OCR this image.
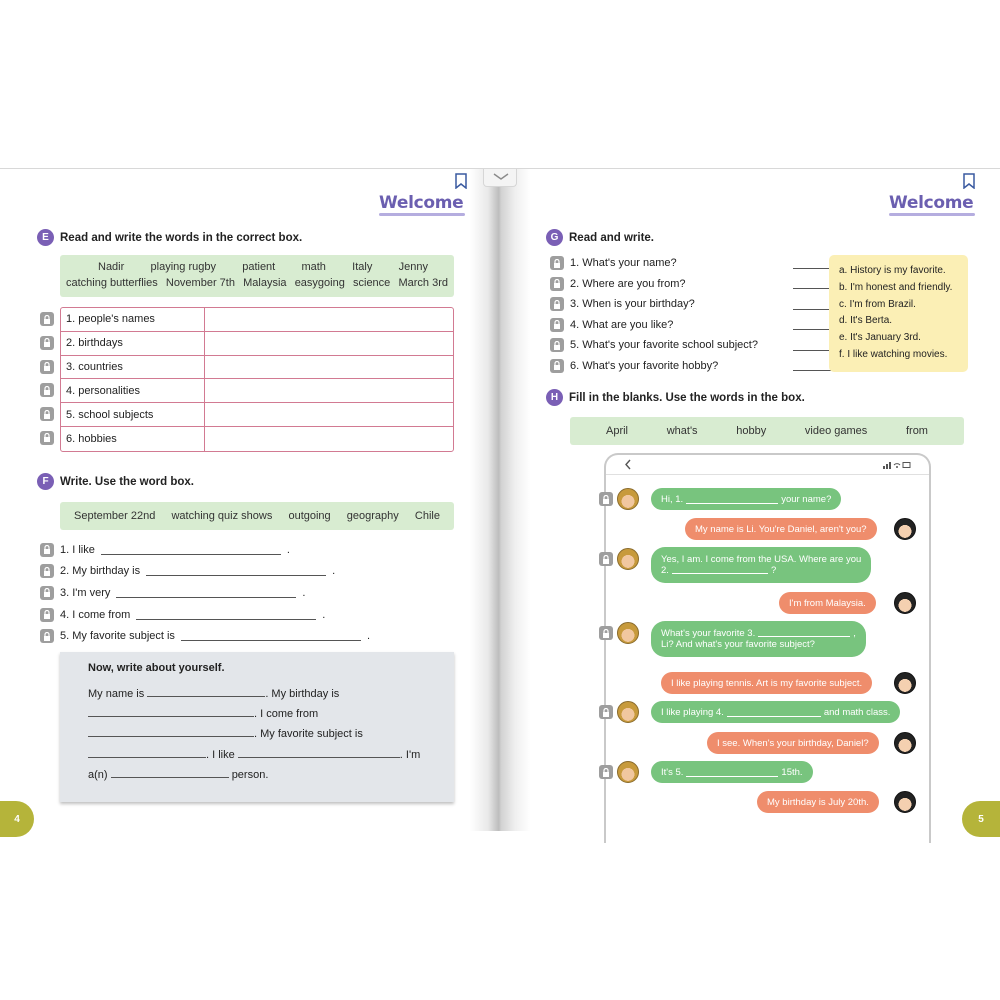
Welcome
E Read and write the words in the correct box.
Nadir playing rugby patient math Italy Jenny
catching butterflies November 7th Malaysia easygoing science March 3rd
1. people's names
2. birthdays
3. countries
4. personalities
5. school subjects
6. hobbies
F Write. Use the word box.
September 22nd watching quiz shows outgoing geography Chile
1. I like	.
2. My birthday is	.
3. I'm very	.
4. I come from	.
5. My favorite subject is	.
Now, write about yourself.
My name is	. My birthday is
. I come from
. My favorite subject is
. I like	. I'm
a(n)	person.
4
Welcome
G Read and write.
1. What's your name?
2. Where are you from?
3. When is your birthday?
4. What are you like?
5. What's your favorite school subject?
6. What's your favorite hobby?
a. History is my favorite.
b. I'm honest and friendly.
c. I'm from Brazil.
d. It's Berta.
e. It's January 3rd.
f. I like watching movies.
H Fill in the blanks. Use the words in the box.
April	what's	hobby	video games	from
Hi, 1.	your name?
My name is Li. You're Daniel, aren't you?
Yes, I am. I come from the USA. Where are you
2.	?
I'm from Malaysia.
What's your favorite 3.	,
Li? And what's your favorite subject?
I like playing tennis. Art is my favorite subject.
I like playing 4.	and math class.
I see. When's your birthday, Daniel?
It's 5.	15th.
My birthday is July 20th.
5
